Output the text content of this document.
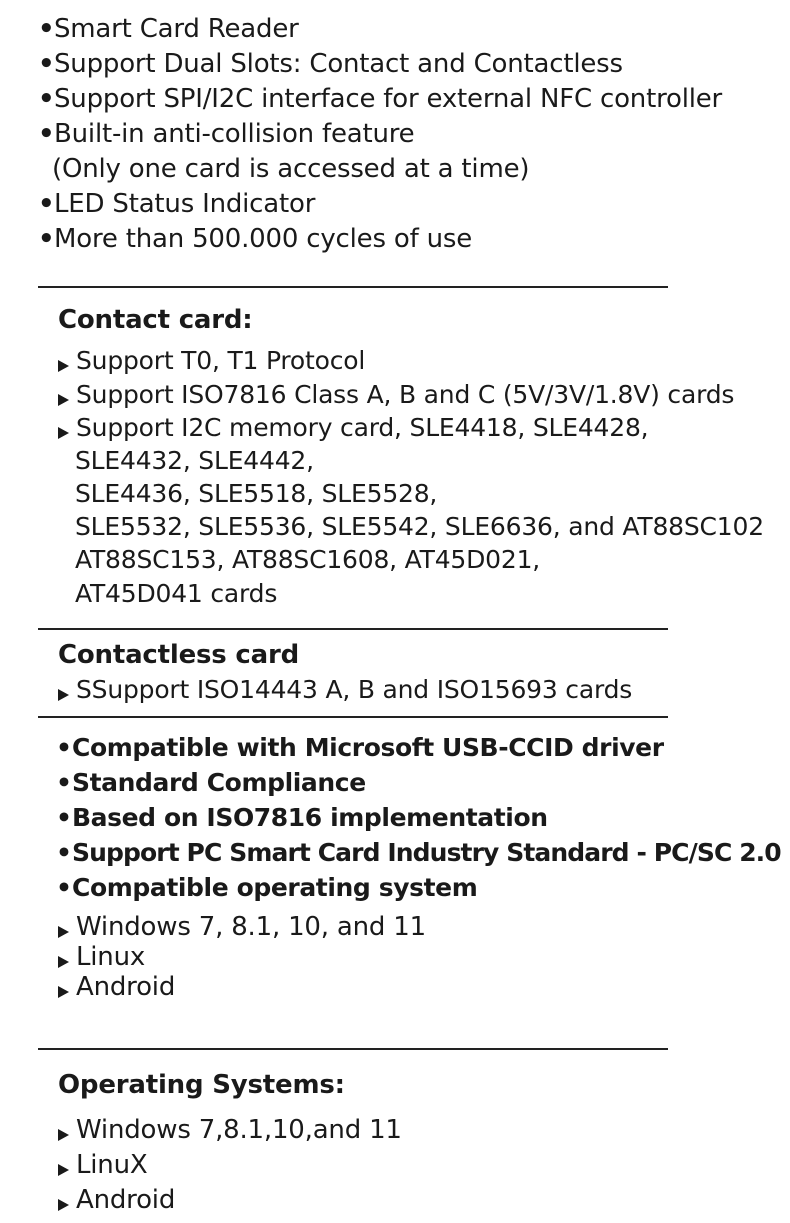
•Smart Card Reader
•Support Dual Slots: Contact and Contactless
•Support SPI/I2C interface for external NFC controller
•Built-in anti-collision feature
(Only one card is accessed at a time)
•LED Status Indicator
•More than 500.000 cycles of use
Contact card:
Support T0, T1 Protocol
Support ISO7816 Class A, B and C (5V/3V/1.8V) cards
Support I2C memory card, SLE4418, SLE4428,
SLE4432, SLE4442,
SLE4436, SLE5518, SLE5528,
SLE5532, SLE5536, SLE5542, SLE6636, and AT88SC102
AT88SC153, AT88SC1608, AT45D021,
AT45D041 cards
Contactless card
SSupport ISO14443 A, B and ISO15693 cards
•Compatible with Microsoft USB-CCID driver
•Standard Compliance
•Based on ISO7816 implementation
•Support PC Smart Card Industry Standard - PC/SC 2.0
•Compatible operating system
Windows 7, 8.1, 10, and 11
Linux
Android
Operating Systems:
Windows 7,8.1,10,and 11
LinuX
Android
